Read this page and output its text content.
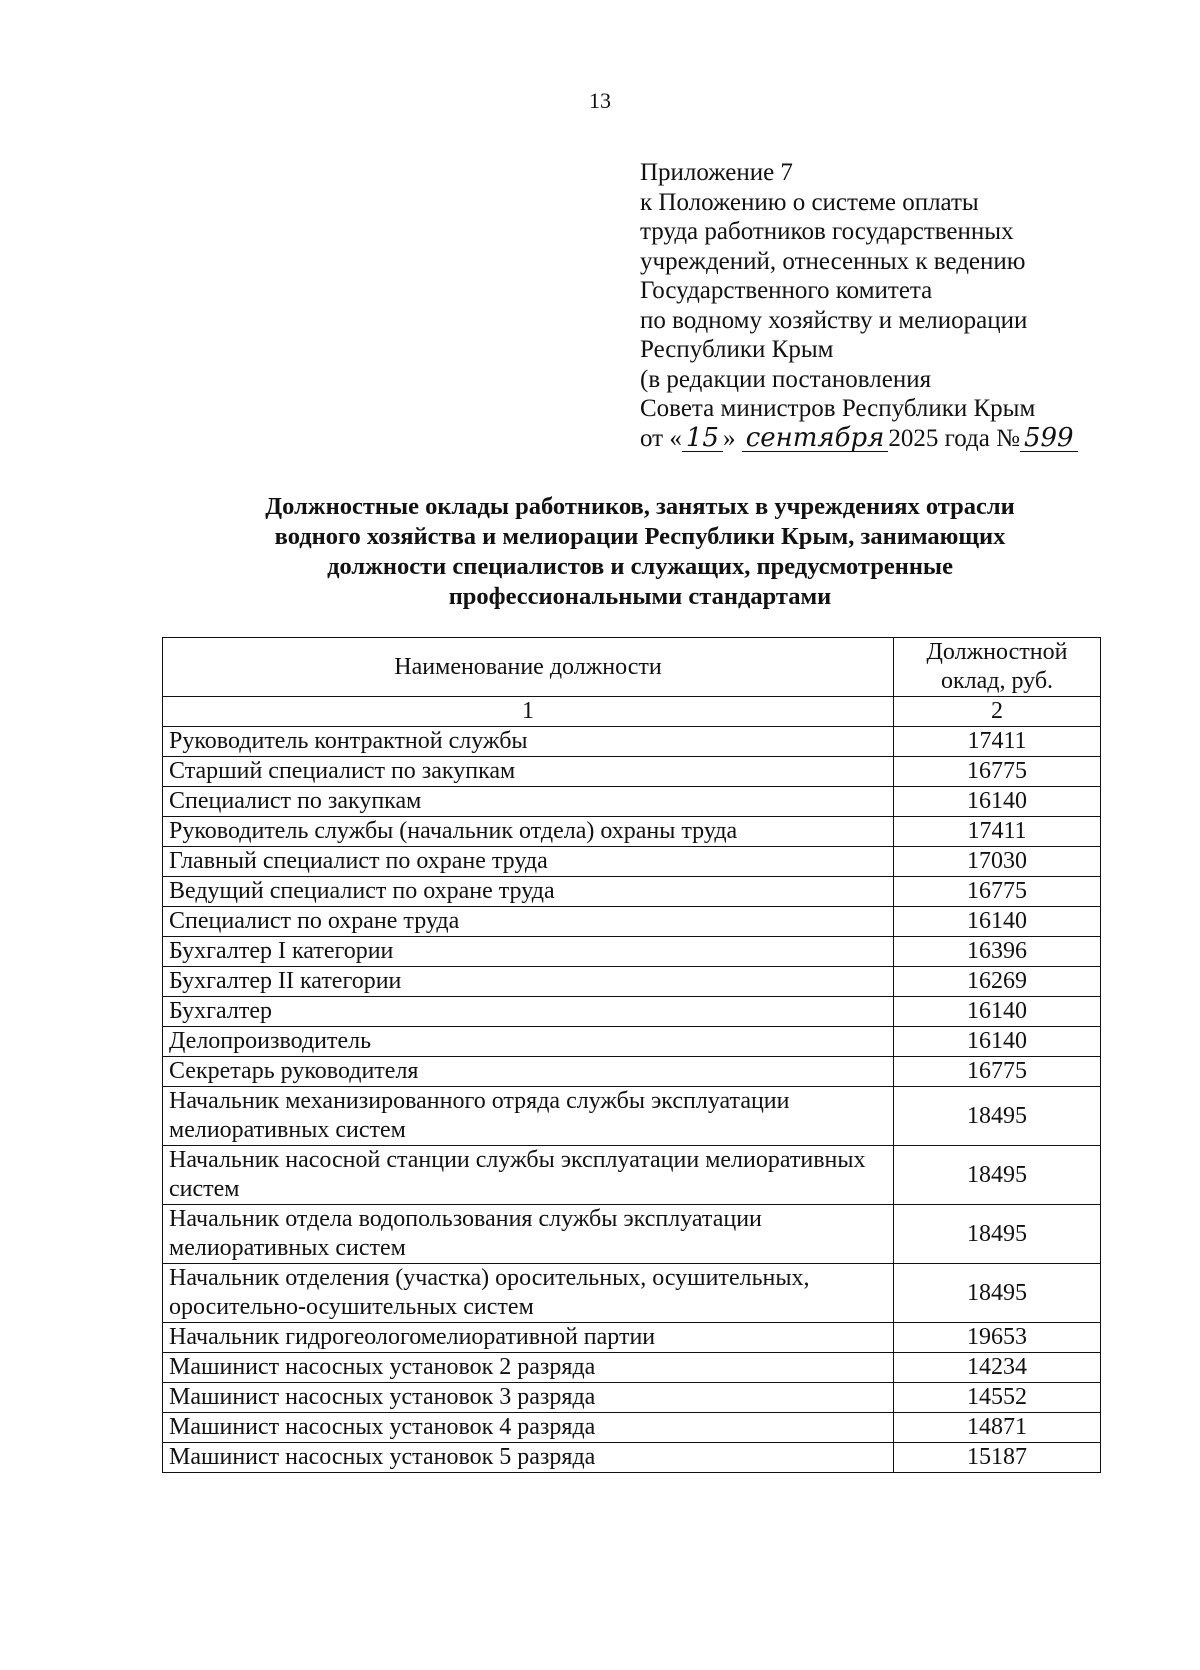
13
Приложение 7
к Положению о системе оплаты
труда работников государственных
учреждений, отнесенных к ведению
Государственного комитета
по водному хозяйству и мелиорации
Республики Крым
(в редакции постановления
Совета министров Республики Крым
от « 15 » сентября 2025 года № 599
Должностные оклады работников, занятых в учреждениях отрасли
водного хозяйства и мелиорации Республики Крым, занимающих
должности специалистов и служащих, предусмотренные
профессиональными стандартами
Наименование должности	Должностной
оклад, руб.

1	2
Руководитель контрактной службы	17411
Старший специалист по закупкам	16775
Специалист по закупкам	16140
Руководитель службы (начальник отдела) охраны труда	17411
Главный специалист по охране труда	17030
Ведущий специалист по охране труда	16775
Специалист по охране труда	16140
Бухгалтер I категории	16396
Бухгалтер II категории	16269
Бухгалтер	16140
Делопроизводитель	16140
Секретарь руководителя	16775
Начальник механизированного отряда службы эксплуатации мелиоративных систем	18495
Начальник насосной станции службы эксплуатации мелиоративных систем	18495
Начальник отдела водопользования службы эксплуатации мелиоративных систем	18495
Начальник отделения (участка) оросительных, осушительных, оросительно-осушительных систем	18495
Начальник гидрогеологомелиоративной партии	19653
Машинист насосных установок 2 разряда	14234
Машинист насосных установок 3 разряда	14552
Машинист насосных установок 4 разряда	14871
Машинист насосных установок 5 разряда	15187
